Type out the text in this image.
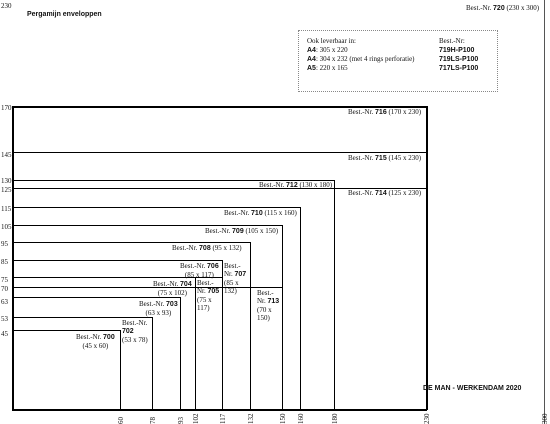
Pergamijn enveloppen
Best.-Nr. 720 (230 x 300)
Ook leverbaar in:
A4: 305 x 220
A4: 304 x 232 (met 4 rings perforatie)
A5: 220 x 165
Best.-Nr:
719H-P100
719LS-P100
717LS-P100
230
170
145
130
125
115
105
95
85
75
70
63
53
45
60	78	93 102	117	132	150 160	180	230	300
Best.-Nr. 716 (170 x 230)
Best.-Nr. 715 (145 x 230)
Best.-Nr. 712 (130 x 180)
Best.-Nr. 714 (125 x 230)
Best.-Nr. 710 (115 x 160)
Best.-Nr. 709 (105 x 150)
Best.-Nr. 708 (95 x 132)
Best.-Nr. 706
(85 x 117)
Best.-Nr. 704
(75 x 102)
Best.-Nr. 703
(63 x 93)
Best.-Nr.
702
(53 x 78)
Best.-Nr. 700
(45 x 60)
Best.-
Nr. 705
(75 x
117)
Best.-
Nr. 707
(85 x
132)	Best.-
Nr. 713
(70 x
150)
DE MAN - WERKENDAM 2020
